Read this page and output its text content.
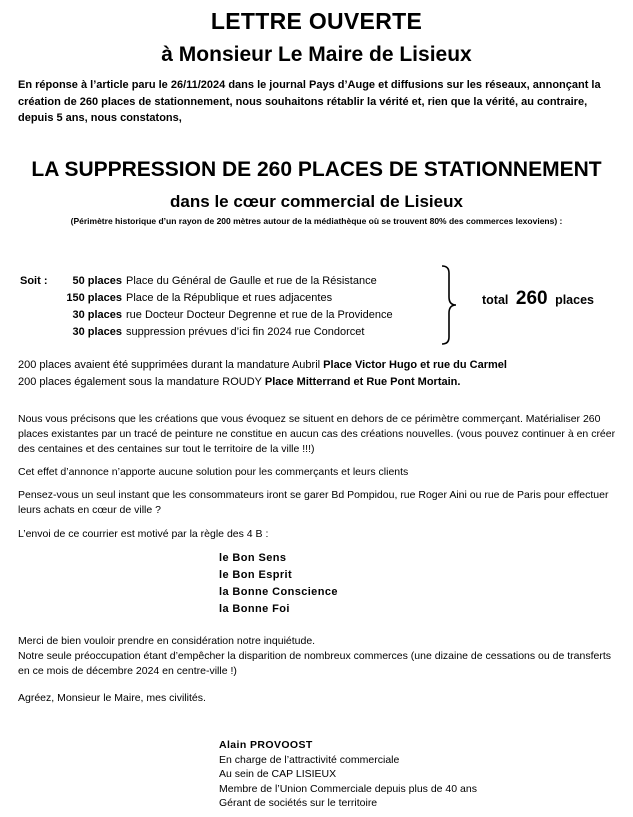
LETTRE OUVERTE
à Monsieur Le Maire de Lisieux
En réponse à l’article paru le 26/11/2024 dans le journal Pays d’Auge et diffusions sur les réseaux, annonçant la création de 260 places de stationnement, nous souhaitons rétablir la vérité et, rien que la vérité, au contraire, depuis 5 ans, nous constatons,
LA SUPPRESSION DE 260 PLACES DE STATIONNEMENT
dans le cœur commercial de Lisieux
(Périmètre historique d’un rayon de 200 mètres autour de la médiathèque où se trouvent 80% des commerces lexoviens) :
Soit :	50 places Place du Général de Gaulle et rue de la Résistance
150 places Place de la République et rues adjacentes
30 places rue Docteur Docteur Degrenne et rue de la Providence
30 places suppression prévues d’ici fin 2024 rue Condorcet
total 260 places
200 places avaient été supprimées durant la mandature Aubril Place Victor Hugo et rue du Carmel
200 places également sous la mandature ROUDY Place Mitterrand et Rue Pont Mortain.
Nous vous précisons que les créations que vous évoquez se situent en dehors de ce périmètre commerçant. Matérialiser 260 places existantes par un tracé de peinture ne constitue en aucun cas des créations nouvelles. (vous pouvez continuer à en créer des centaines et des centaines sur tout le territoire de la ville !!!)
Cet effet d’annonce n’apporte aucune solution pour les commerçants et leurs clients
Pensez-vous un seul instant que les consommateurs iront se garer Bd Pompidou, rue Roger Aini ou rue de Paris pour effectuer leurs achats en cœur de ville ?
L’envoi de ce courrier est motivé par la règle des 4 B :
le Bon Sens
le Bon Esprit
la Bonne Conscience
la Bonne Foi
Merci de bien vouloir prendre en considération notre inquiétude.
Notre seule préoccupation étant d’empêcher la disparition de nombreux commerces (une dizaine de cessations ou de transferts en ce mois de décembre 2024 en centre-ville !)
Agréez, Monsieur le Maire, mes civilités.
Alain PROVOOST
En charge de l’attractivité commerciale
Au sein de CAP LISIEUX
Membre de l’Union Commerciale depuis plus de 40 ans
Gérant de sociétés sur le territoire
